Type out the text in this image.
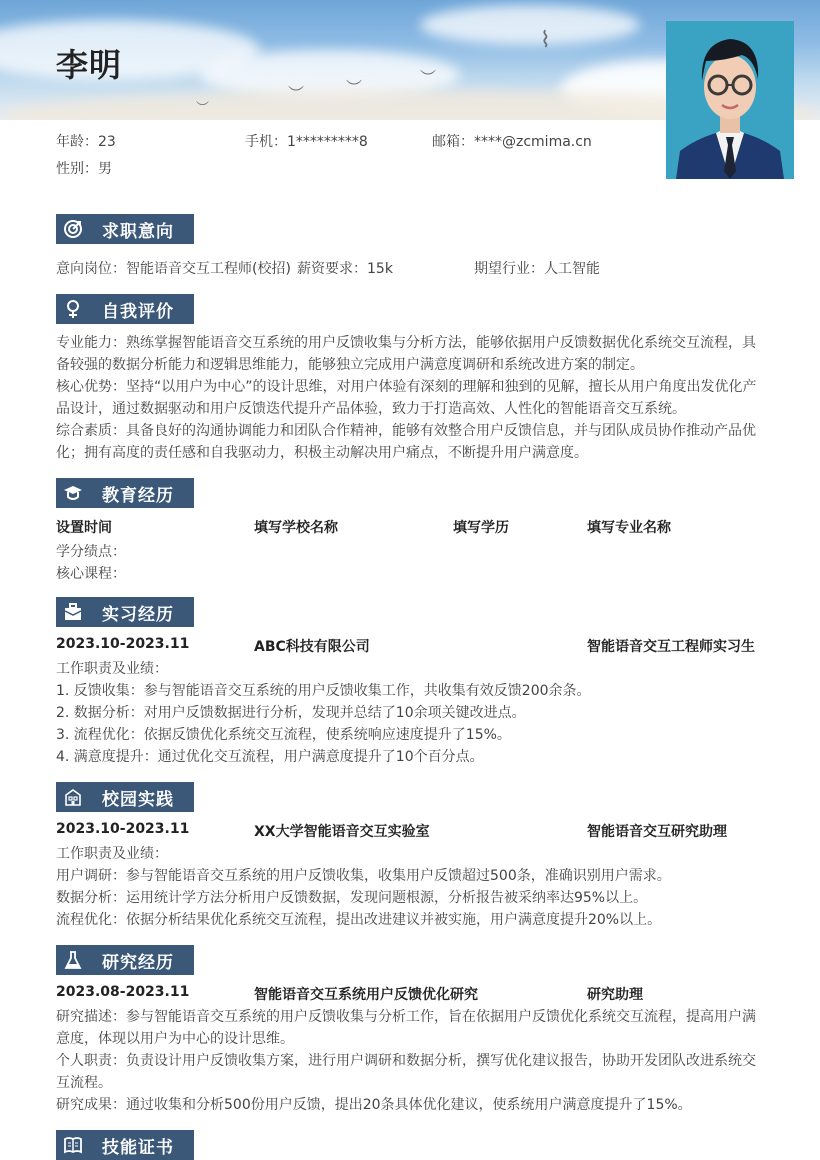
⌇
︶	︶
︶
︶
李明
年龄：23	手机：1*********8	邮箱：****@zcmima.cn
性别：男
求职意向
意向岗位：智能语音交互工程师(校招) 薪资要求：15k	期望行业：人工智能
自我评价
专业能力：熟练掌握智能语音交互系统的用户反馈收集与分析方法，能够依据用户反馈数据优化系统交互流程，具备较强的数据分析能力和逻辑思维能力，能够独立完成用户满意度调研和系统改进方案的制定。
核心优势：坚持“以用户为中心”的设计思维，对用户体验有深刻的理解和独到的见解，擅长从用户角度出发优化产品设计，通过数据驱动和用户反馈迭代提升产品体验，致力于打造高效、人性化的智能语音交互系统。
综合素质：具备良好的沟通协调能力和团队合作精神，能够有效整合用户反馈信息，并与团队成员协作推动产品优化；拥有高度的责任感和自我驱动力，积极主动解决用户痛点，不断提升用户满意度。
教育经历
设置时间	填写学校名称	填写学历	填写专业名称
学分绩点：
核心课程：
实习经历
2023.10-2023.11	ABC科技有限公司	智能语音交互工程师实习生
工作职责及业绩：
1. 反馈收集：参与智能语音交互系统的用户反馈收集工作，共收集有效反馈200余条。
2. 数据分析：对用户反馈数据进行分析，发现并总结了10余项关键改进点。
3. 流程优化：依据反馈优化系统交互流程，使系统响应速度提升了15%。
4. 满意度提升：通过优化交互流程，用户满意度提升了10个百分点。
校园实践
2023.10-2023.11	XX大学智能语音交互实验室	智能语音交互研究助理
工作职责及业绩：
用户调研：参与智能语音交互系统的用户反馈收集，收集用户反馈超过500条，准确识别用户需求。
数据分析：运用统计学方法分析用户反馈数据，发现问题根源，分析报告被采纳率达95%以上。
流程优化：依据分析结果优化系统交互流程，提出改进建议并被实施，用户满意度提升20%以上。
研究经历
2023.08-2023.11	智能语音交互系统用户反馈优化研究	研究助理
研究描述：参与智能语音交互系统的用户反馈收集与分析工作，旨在依据用户反馈优化系统交互流程，提高用户满意度，体现以用户为中心的设计思维。
个人职责：负责设计用户反馈收集方案，进行用户调研和数据分析，撰写优化建议报告，协助开发团队改进系统交互流程。
研究成果：通过收集和分析500份用户反馈，提出20条具体优化建议，使系统用户满意度提升了15%。
技能证书
